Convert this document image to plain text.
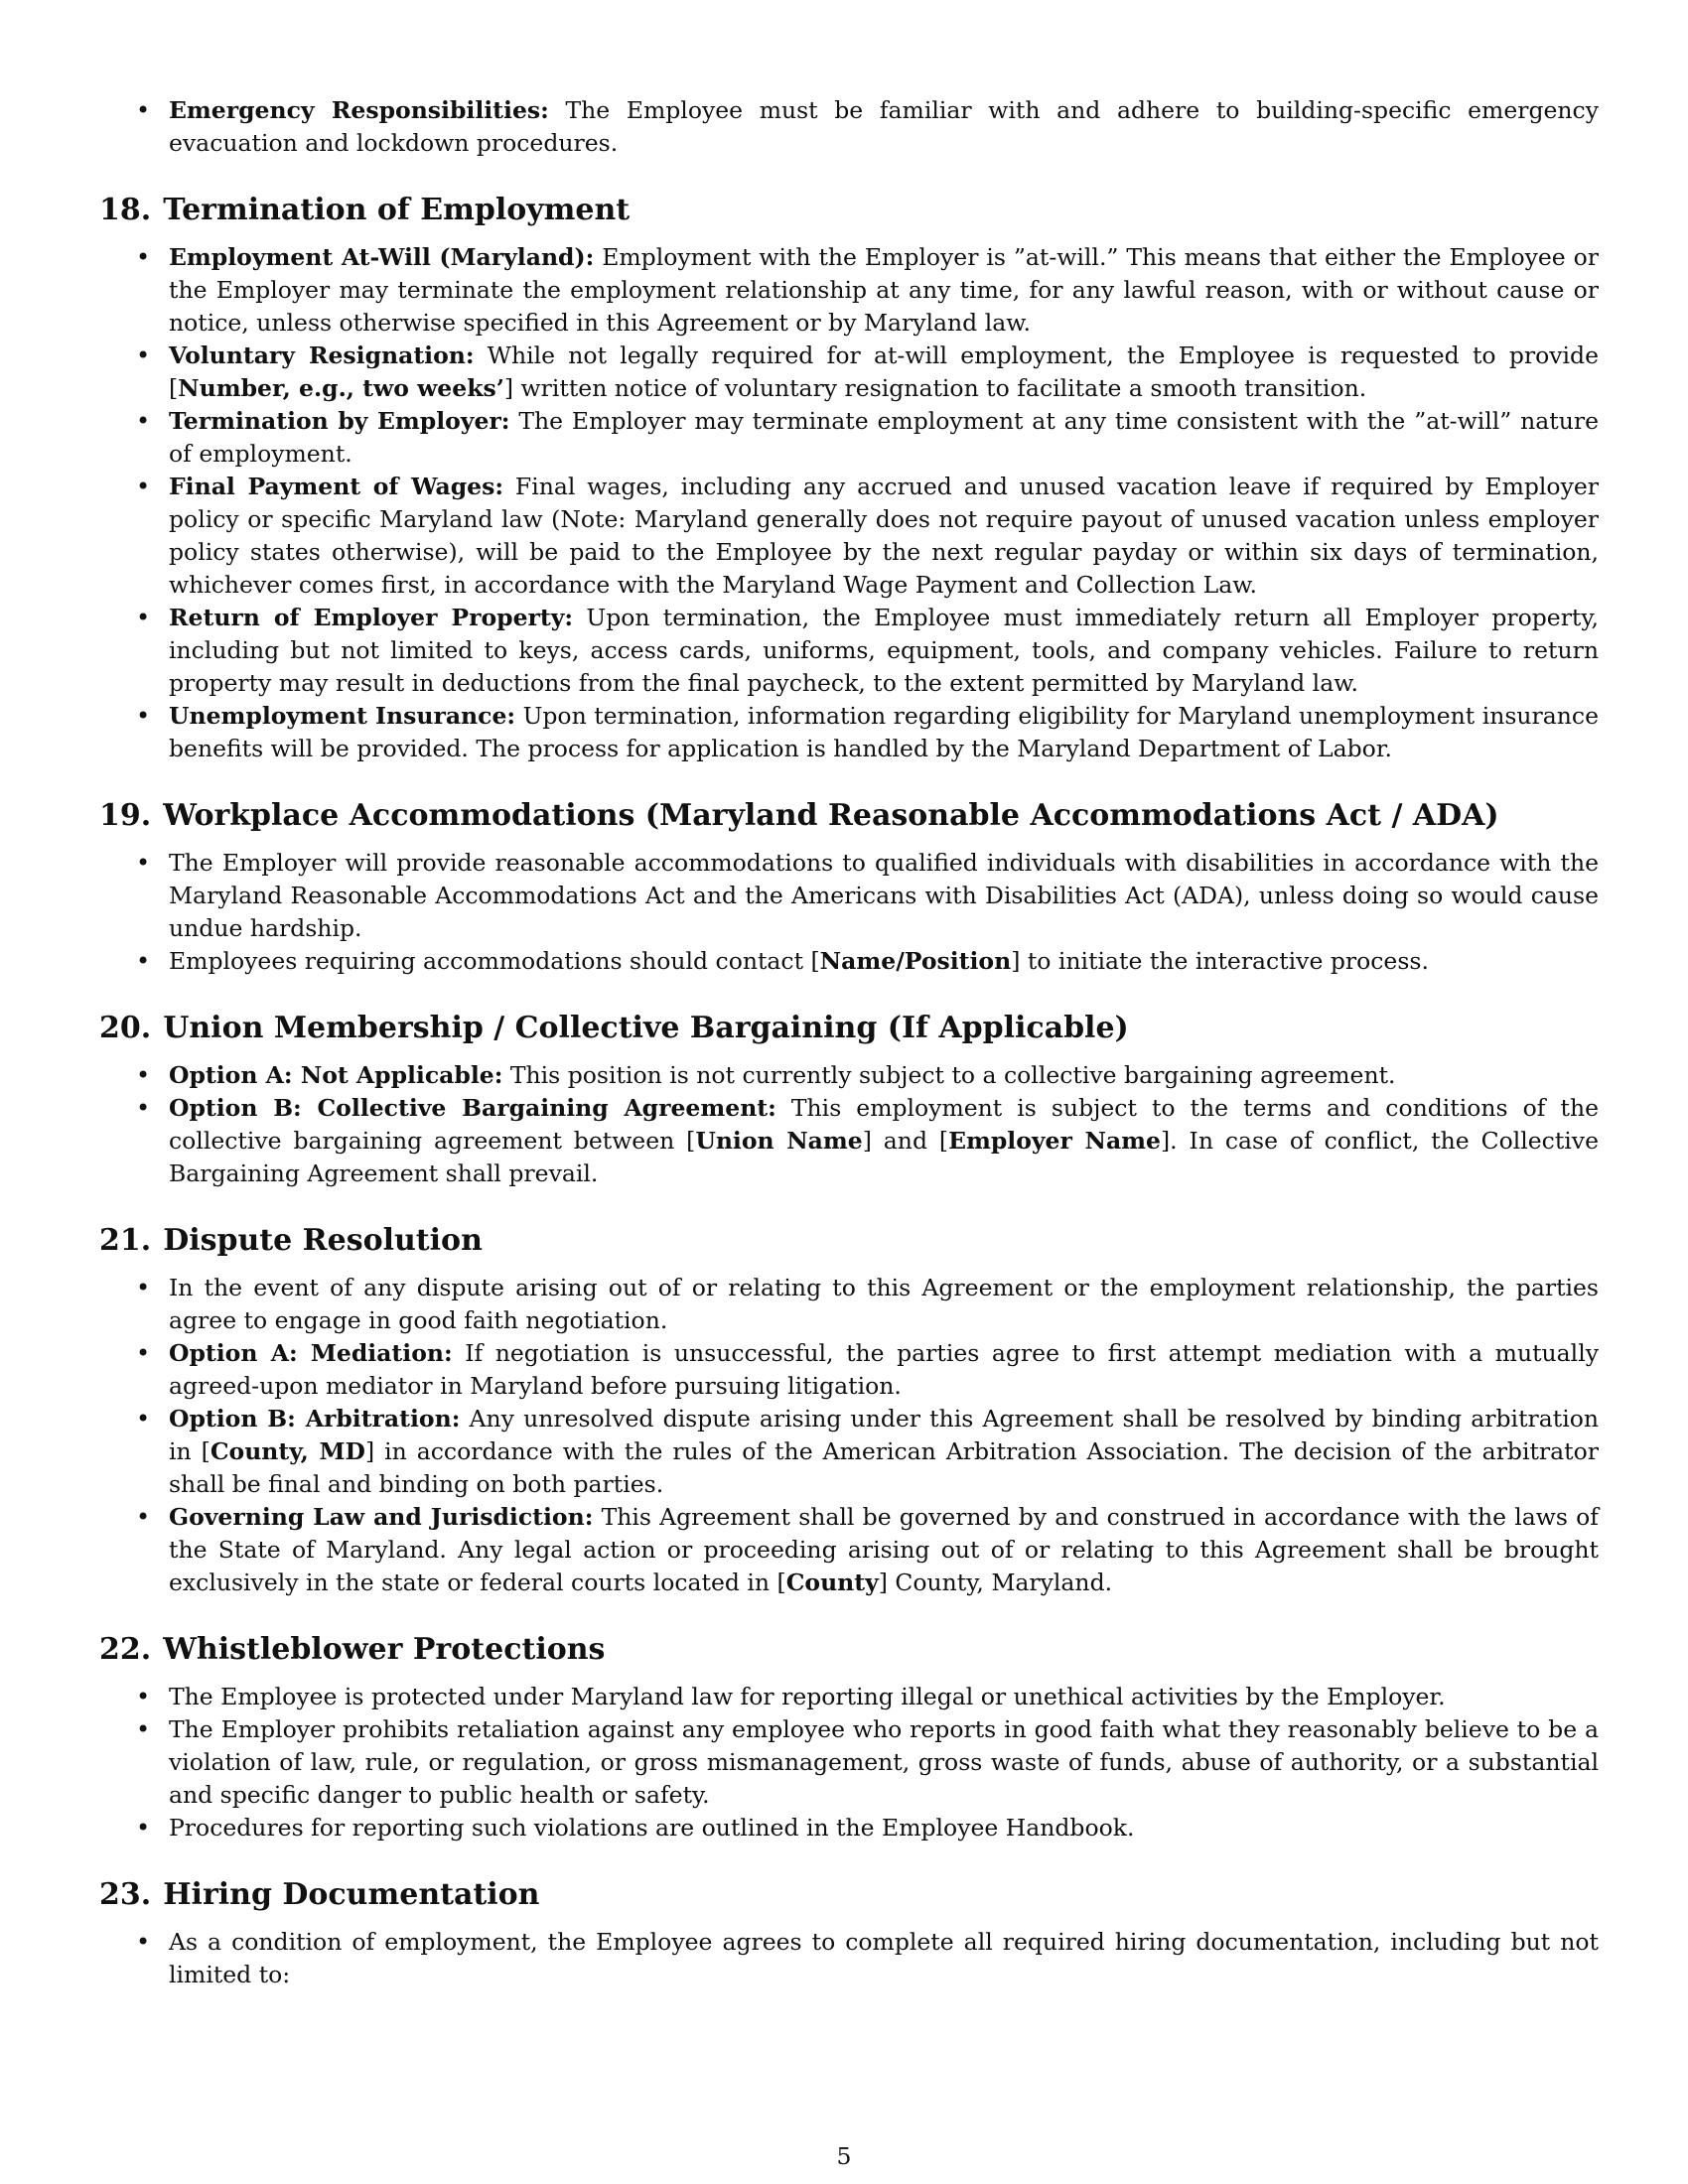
• Emergency Responsibilities: The Employee must be familiar with and adhere to building-specific emergency evacuation and lockdown procedures.
18. Termination of Employment
• Employment At-Will (Maryland): Employment with the Employer is ”at-will.” This means that either the Employee or the Employer may terminate the employment relationship at any time, for any lawful reason, with or without cause or notice, unless otherwise specified in this Agreement or by Maryland law.
• Voluntary Resignation: While not legally required for at-will employment, the Employee is requested to provide [Number, e.g., two weeks’] written notice of voluntary resignation to facilitate a smooth transition.
• Termination by Employer: The Employer may terminate employment at any time consistent with the ”at-will” nature of employment.
• Final Payment of Wages: Final wages, including any accrued and unused vacation leave if required by Employer policy or specific Maryland law (Note: Maryland generally does not require payout of unused vacation unless employer policy states otherwise), will be paid to the Employee by the next regular payday or within six days of termination, whichever comes first, in accordance with the Maryland Wage Payment and Collection Law.
• Return of Employer Property: Upon termination, the Employee must immediately return all Employer property, including but not limited to keys, access cards, uniforms, equipment, tools, and company vehicles. Failure to return property may result in deductions from the final paycheck, to the extent permitted by Maryland law.
• Unemployment Insurance: Upon termination, information regarding eligibility for Maryland unemployment insurance benefits will be provided. The process for application is handled by the Maryland Department of Labor.
19. Workplace Accommodations (Maryland Reasonable Accommodations Act / ADA)
• The Employer will provide reasonable accommodations to qualified individuals with disabilities in accordance with the Maryland Reasonable Accommodations Act and the Americans with Disabilities Act (ADA), unless doing so would cause undue hardship.
• Employees requiring accommodations should contact [Name/Position] to initiate the interactive process.
20. Union Membership / Collective Bargaining (If Applicable)
• Option A: Not Applicable: This position is not currently subject to a collective bargaining agreement.
• Option B: Collective Bargaining Agreement: This employment is subject to the terms and conditions of the collective bargaining agreement between [Union Name] and [Employer Name]. In case of conflict, the Collective Bargaining Agreement shall prevail.
21. Dispute Resolution
• In the event of any dispute arising out of or relating to this Agreement or the employment relationship, the parties agree to engage in good faith negotiation.
• Option A: Mediation: If negotiation is unsuccessful, the parties agree to first attempt mediation with a mutually agreed-upon mediator in Maryland before pursuing litigation.
• Option B: Arbitration: Any unresolved dispute arising under this Agreement shall be resolved by binding arbitration in [County, MD] in accordance with the rules of the American Arbitration Association. The decision of the arbitrator shall be final and binding on both parties.
• Governing Law and Jurisdiction: This Agreement shall be governed by and construed in accordance with the laws of the State of Maryland. Any legal action or proceeding arising out of or relating to this Agreement shall be brought exclusively in the state or federal courts located in [County] County, Maryland.
22. Whistleblower Protections
• The Employee is protected under Maryland law for reporting illegal or unethical activities by the Employer.
• The Employer prohibits retaliation against any employee who reports in good faith what they reasonably believe to be a violation of law, rule, or regulation, or gross mismanagement, gross waste of funds, abuse of authority, or a substantial and specific danger to public health or safety.
• Procedures for reporting such violations are outlined in the Employee Handbook.
23. Hiring Documentation
• As a condition of employment, the Employee agrees to complete all required hiring documentation, including but not limited to:
5
